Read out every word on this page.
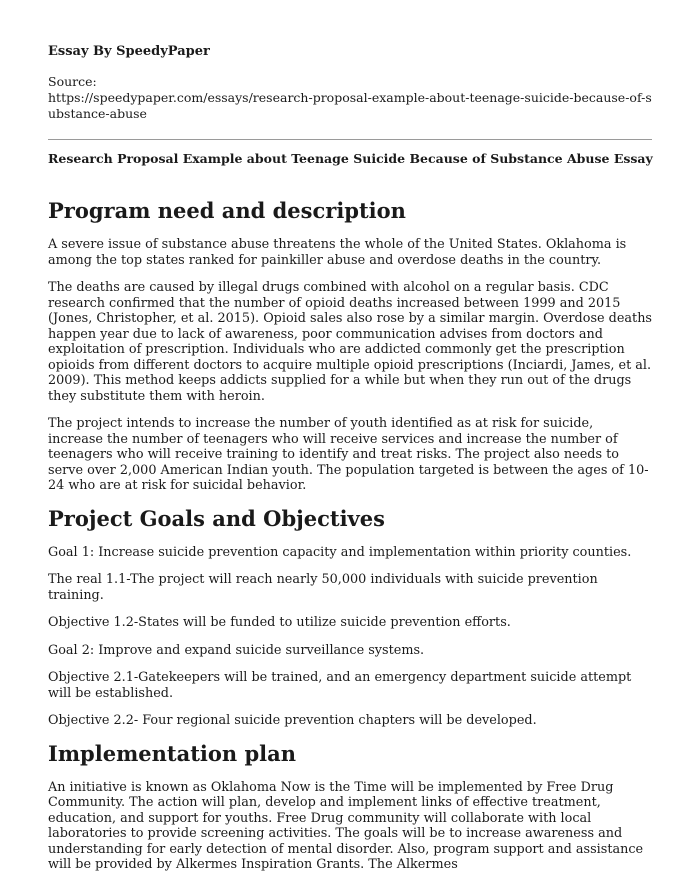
Essay By SpeedyPaper
Source:
https://speedypaper.com/essays/research-proposal-example-about-teenage-suicide-because-of-substance-abuse
Research Proposal Example about Teenage Suicide Because of Substance Abuse Essay
Program need and description

A severe issue of substance abuse threatens the whole of the United States. Oklahoma is among the top states ranked for painkiller abuse and overdose deaths in the country.

The deaths are caused by illegal drugs combined with alcohol on a regular basis. CDC research confirmed that the number of opioid deaths increased between 1999 and 2015 (Jones, Christopher, et al. 2015). Opioid sales also rose by a similar margin. Overdose deaths happen year due to lack of awareness, poor communication advises from doctors and exploitation of prescription. Individuals who are addicted commonly get the prescription opioids from different doctors to acquire multiple opioid prescriptions (Inciardi, James, et al. 2009). This method keeps addicts supplied for a while but when they run out of the drugs they substitute them with heroin.

The project intends to increase the number of youth identified as at risk for suicide, increase the number of teenagers who will receive services and increase the number of teenagers who will receive training to identify and treat risks. The project also needs to serve over 2,000 American Indian youth. The population targeted is between the ages of 10-24 who are at risk for suicidal behavior.

Project Goals and Objectives

Goal 1: Increase suicide prevention capacity and implementation within priority counties.

The real 1.1-The project will reach nearly 50,000 individuals with suicide prevention training.

Objective 1.2-States will be funded to utilize suicide prevention efforts.

Goal 2: Improve and expand suicide surveillance systems.

Objective 2.1-Gatekeepers will be trained, and an emergency department suicide attempt will be established.

Objective 2.2- Four regional suicide prevention chapters will be developed.

Implementation plan

An initiative is known as Oklahoma Now is the Time will be implemented by Free Drug Community. The action will plan, develop and implement links of effective treatment, education, and support for youths. Free Drug community will collaborate with local laboratories to provide screening activities. The goals will be to increase awareness and understanding for early detection of mental disorder. Also, program support and assistance will be provided by Alkermes Inspiration Grants. The Alkermes
